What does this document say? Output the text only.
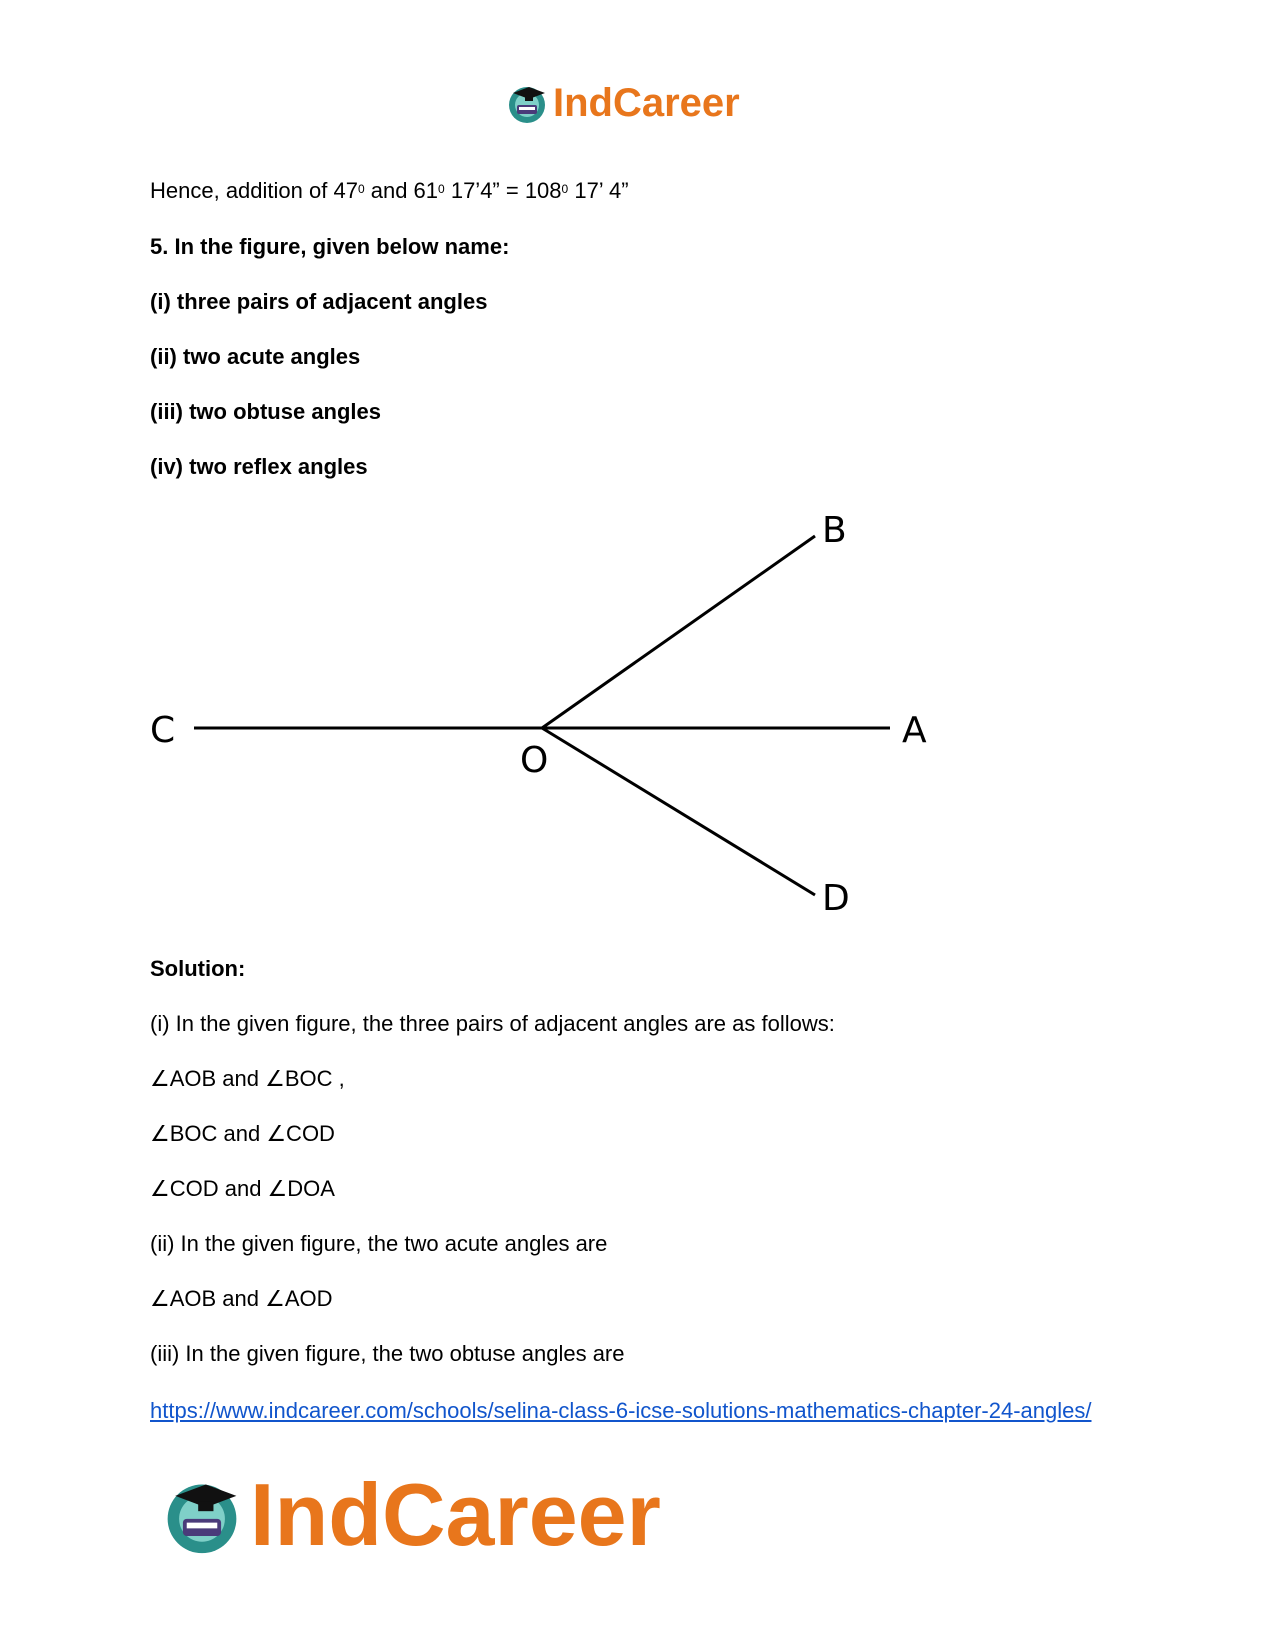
IndCareer
Hence, addition of $47^0$ and $61^0$ 17’4” = $108^0$ 17’ 4”
5. In the figure, given below name:
(i) three pairs of adjacent angles
(ii) two acute angles
(iii) two obtuse angles
(iv) two reflex angles
B
C	A
O
D
Solution:
(i) In the given figure, the three pairs of adjacent angles are as follows:
∠AOB and ∠BOC ,
∠BOC and ∠COD
∠COD and ∠DOA
(ii) In the given figure, the two acute angles are
∠AOB and ∠AOD
(iii) In the given figure, the two obtuse angles are
https://www.indcareer.com/schools/selina-class-6-icse-solutions-mathematics-chapter-24-angles/
IndCareer
